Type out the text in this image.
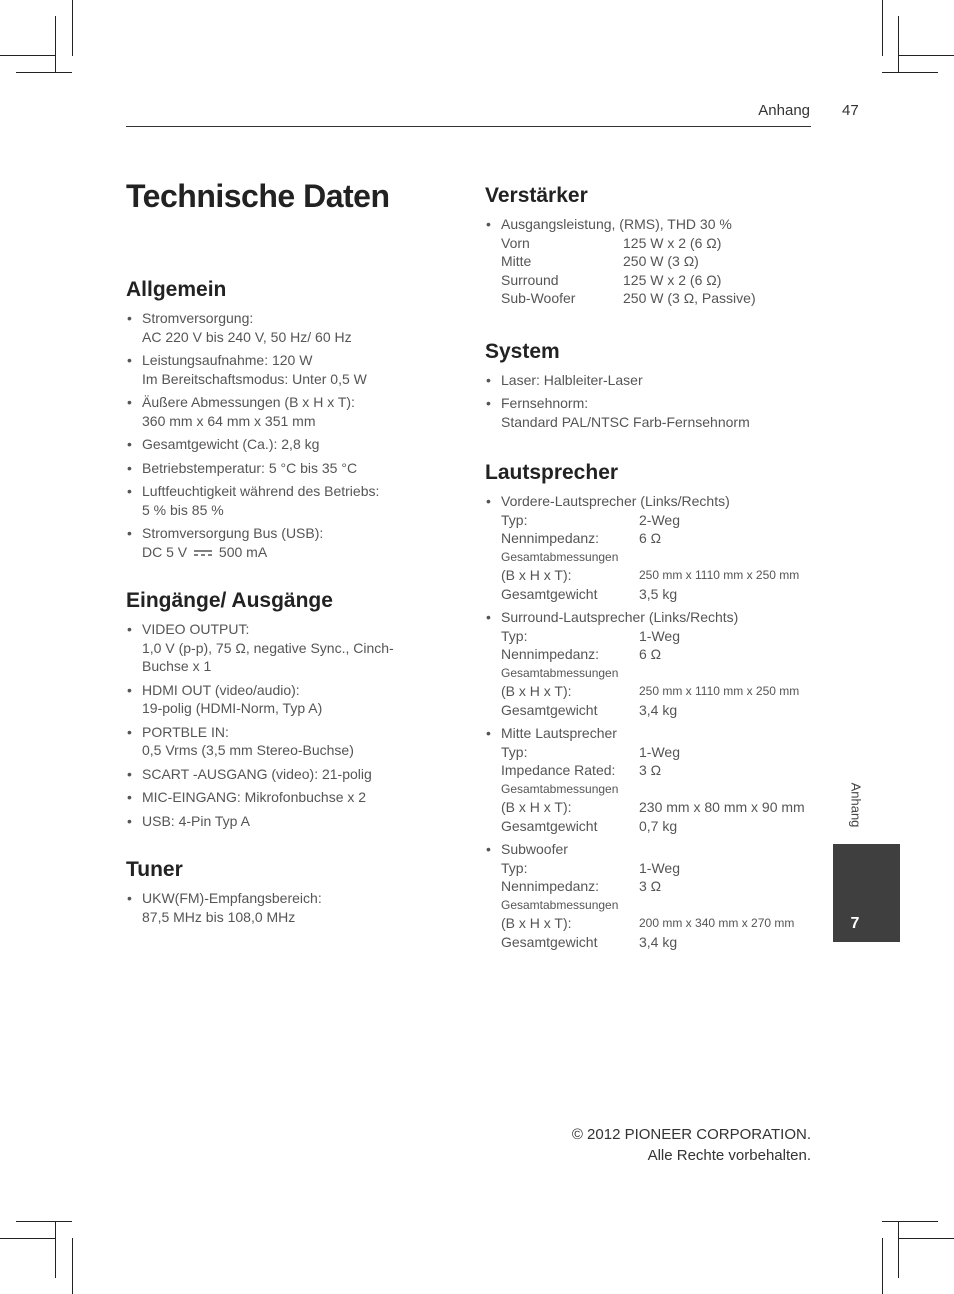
Anhang 47
Technische Daten
Allgemein
• Stromversorgung:
AC 220 V bis 240 V, 50 Hz/ 60 Hz
• Leistungsaufnahme: 120 W
Im Bereitschaftsmodus: Unter 0,5 W
• Äußere Abmessungen (B x H x T):
360 mm x 64 mm x 351 mm
• Gesamtgewicht (Ca.): 2,8 kg
• Betriebstemperatur: 5 °C bis 35 °C
• Luftfeuchtigkeit während des Betriebs:
5 % bis 85 %
• Stromversorgung Bus (USB):
DC 5 V 500 mA
Eingänge/ Ausgänge
• VIDEO OUTPUT:
1,0 V (p-p), 75 Ω, negative Sync., Cinch-
Buchse x 1
• HDMI OUT (video/audio):
19-polig (HDMI-Norm, Typ A)
• PORTBLE IN:
0,5 Vrms (3,5 mm Stereo-Buchse)
• SCART -AUSGANG (video): 21-polig
• MIC-EINGANG: Mikrofonbuchse x 2
• USB: 4-Pin Typ A
Tuner
• UKW(FM)-Empfangsbereich:
87,5 MHz bis 108,0 MHz
Verstärker
• Ausgangsleistung, (RMS), THD 30 %
Vorn	125 W x 2 (6 Ω)
Mitte	250 W (3 Ω)
Surround	125 W x 2 (6 Ω)
Sub-Woofer	250 W (3 Ω, Passive)
System
• Laser: Halbleiter-Laser
• Fernsehnorm:
Standard PAL/NTSC Farb-Fernsehnorm
Lautsprecher
• Vordere-Lautsprecher (Links/Rechts)
Typ:	2-Weg
Nennimpedanz:	6 Ω
Gesamtabmessungen
(B x H x T):	250 mm x 1110 mm x 250 mm
Gesamtgewicht	3,5 kg
• Surround-Lautsprecher (Links/Rechts)
Typ:	1-Weg
Nennimpedanz:	6 Ω
Gesamtabmessungen
(B x H x T):	250 mm x 1110 mm x 250 mm
Gesamtgewicht	3,4 kg
• Mitte Lautsprecher
Typ:	1-Weg
Impedance Rated:	3 Ω
Gesamtabmessungen
(B x H x T):	230 mm x 80 mm x 90 mm
Gesamtgewicht	0,7 kg
• Subwoofer
Typ:	1-Weg
Nennimpedanz:	3 Ω
Gesamtabmessungen
(B x H x T):	200 mm x 340 mm x 270 mm
Gesamtgewicht	3,4 kg
Anhang
7
© 2012 PIONEER CORPORATION.
Alle Rechte vorbehalten.
